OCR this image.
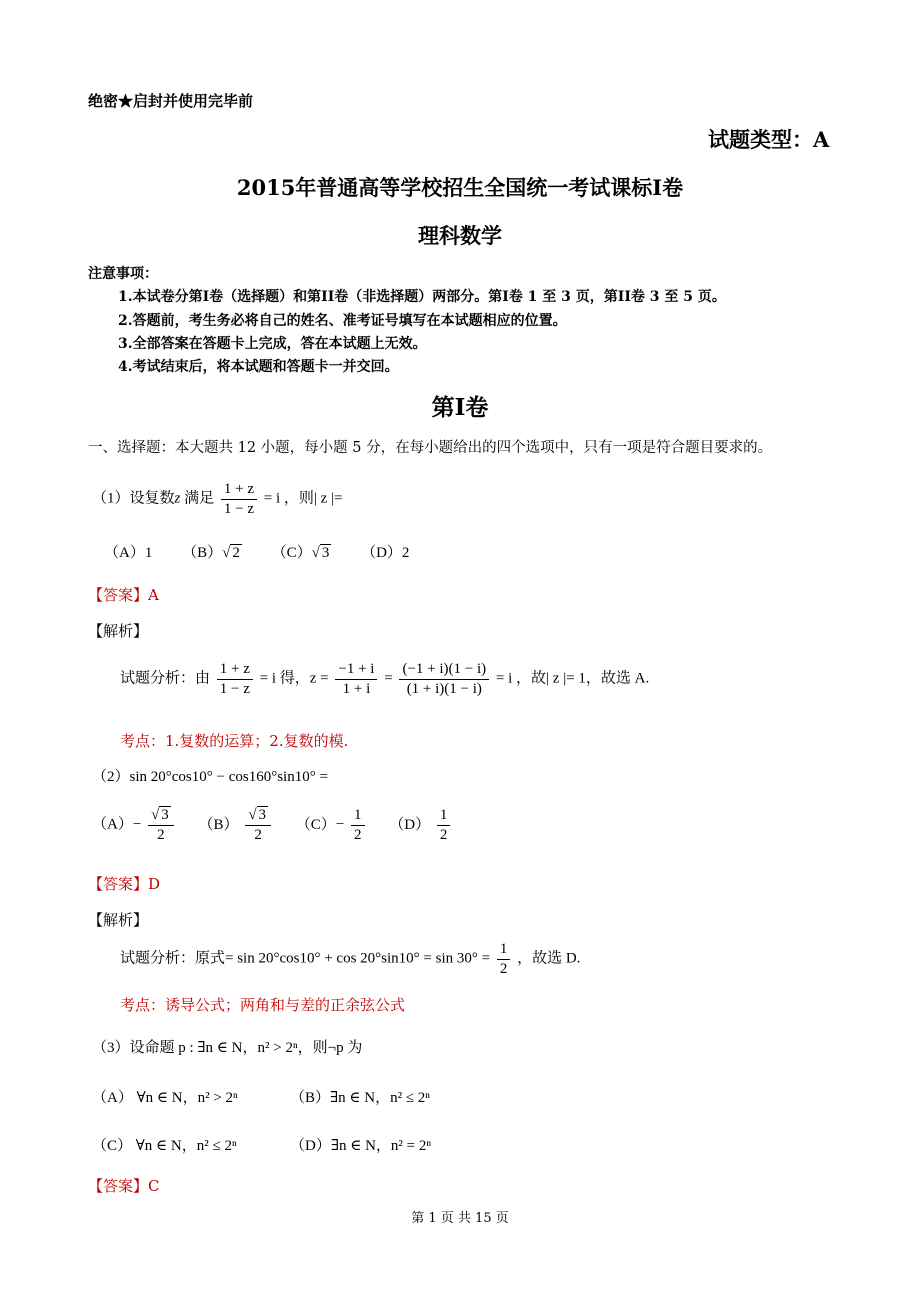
绝密★启封并使用完毕前
试题类型：A
2015年普通高等学校招生全国统一考试课标I卷
理科数学
注意事项：
1.本试卷分第I卷（选择题）和第II卷（非选择题）两部分。第I卷 1 至 3 页，第II卷 3 至 5 页。
2.答题前，考生务必将自己的姓名、准考证号填写在本试题相应的位置。
3.全部答案在答题卡上完成，答在本试题上无效。
4.考试结束后，将本试题和答题卡一并交回。
第I卷
一、选择题：本大题共 12 小题，每小题 5 分，在每小题给出的四个选项中，只有一项是符合题目要求的。
（1）设复数z 满足 $\frac{1 + z}{1 - z} = i$ ，则| z |=
（A）1 （B）√ 2 （C）√ 3 （D）2
【答案】A
【解析】
试题分析：由 $\frac{1 + z}{1 - z} = i$ 得，$z = \frac{-1 + i}{1 + i} = \frac{(-1 + i)(1 - i)}{(1 + i)(1 - i)} = i$ ，故| z |= 1，故选 A.
考点：1.复数的运算；2.复数的模.
（2）sin 20°cos10° − cos160°sin10° =
$(A)- \frac{√ 3}{2} (B) \frac{√ 3}{2} (C)- \frac{1}{2} (D) \frac{1}{2}$
【答案】D
【解析】
试题分析：原式= $\sin 20^\circ\cos 10^\circ + \cos 20^\circ\sin 10^\circ = \sin 30^\circ = \frac{1}{2}$ ，故选 D.
考点：诱导公式；两角和与差的正余弦公式
（3）设命题 p : ∃n ∈ N，n² > 2ⁿ，则¬p 为
（A） ∀n ∈ N，n² > 2ⁿ	（B）∃n ∈ N，n² ≤ 2ⁿ
（C） ∀n ∈ N，n² ≤ 2ⁿ	（D）∃n ∈ N，n² = 2ⁿ
【答案】C
第 1 页 共 15 页
